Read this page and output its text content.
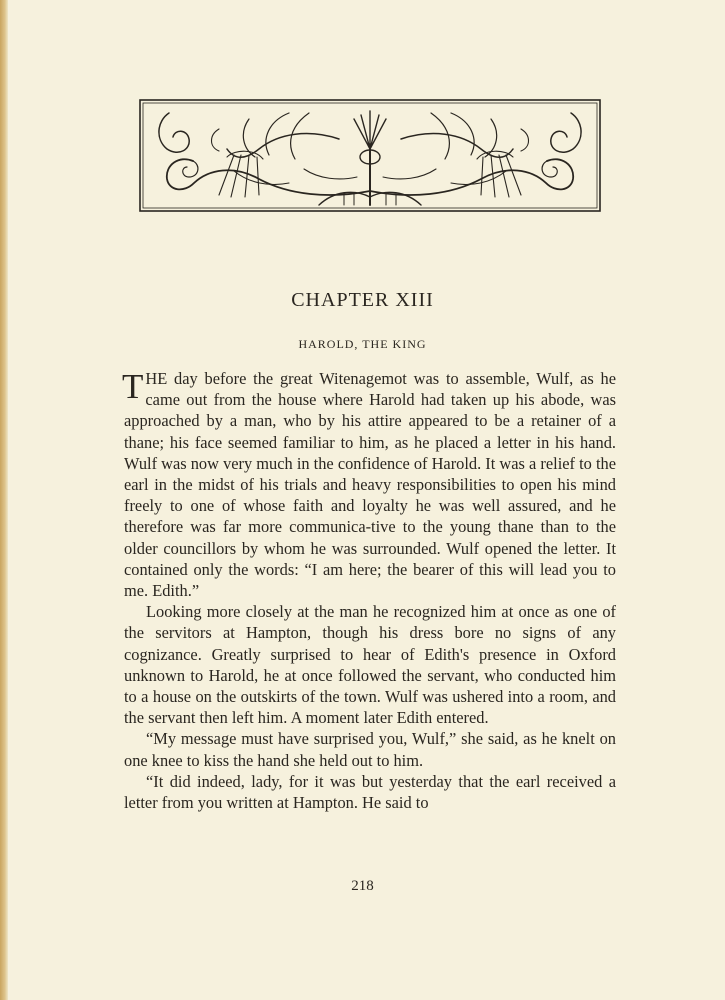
CHAPTER XIII
HAROLD, THE KING

THE day before the great Witenagemot was to assemble, Wulf, as he came out from the house where Harold had taken up his abode, was approached by a man, who by his attire appeared to be a retainer of a thane; his face seemed familiar to him, as he placed a letter in his hand. Wulf was now very much in the confidence of Harold. It was a relief to the earl in the midst of his trials and heavy responsibilities to open his mind freely to one of whose faith and loyalty he was well assured, and he therefore was far more communica-tive to the young thane than to the older councillors by whom he was surrounded. Wulf opened the letter. It contained only the words: “I am here; the bearer of this will lead you to me. Edith.”

Looking more closely at the man he recognized him at once as one of the servitors at Hampton, though his dress bore no signs of any cognizance. Greatly surprised to hear of Edith's presence in Oxford unknown to Harold, he at once followed the servant, who conducted him to a house on the outskirts of the town. Wulf was ushered into a room, and the servant then left him. A moment later Edith entered.

“My message must have surprised you, Wulf,” she said, as he knelt on one knee to kiss the hand she held out to him.

“It did indeed, lady, for it was but yesterday that the earl received a letter from you written at Hampton. He said to

218
